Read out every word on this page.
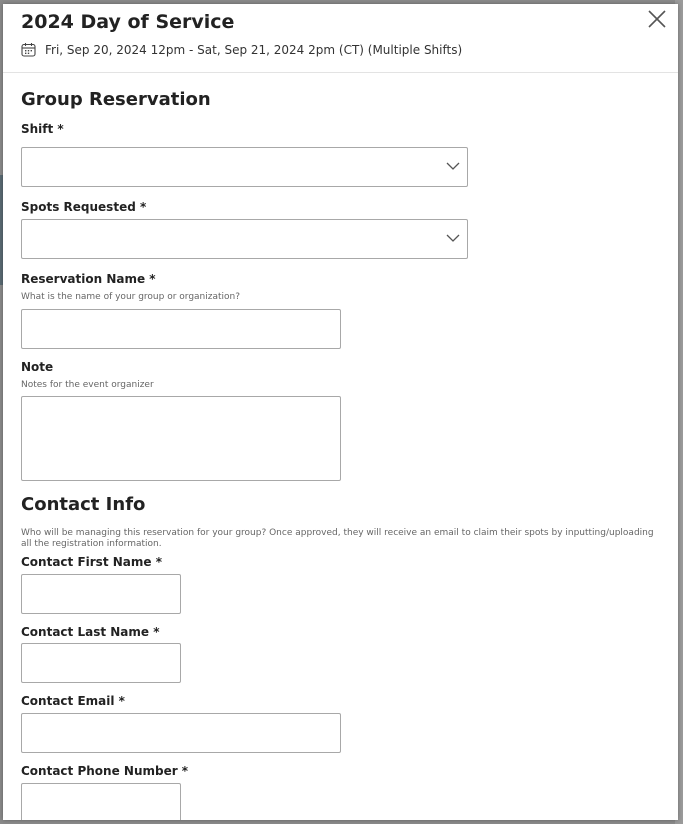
2024 Day of Service
Fri, Sep 20, 2024 12pm - Sat, Sep 21, 2024 2pm (CT) (Multiple Shifts)
Group Reservation
Shift *
Spots Requested *
Reservation Name *
What is the name of your group or organization?
Note
Notes for the event organizer
Contact Info
Who will be managing this reservation for your group? Once approved, they will receive an email to claim their spots by inputting/uploading all the registration information.
Contact First Name *
Contact Last Name *
Contact Email *
Contact Phone Number *
